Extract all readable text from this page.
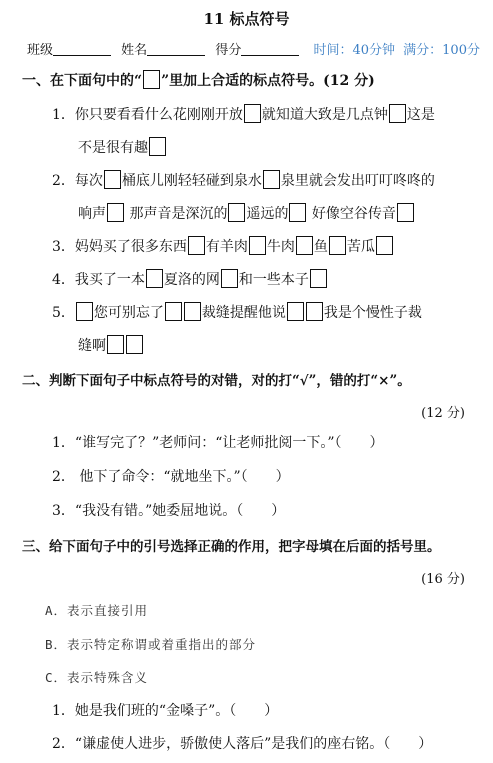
11 标点符号
班级	姓名	得分	时间：40分钟 满分：100分
一、在下面句中的“ ”里加上合适的标点符号。(12 分)
1．你只要看看什么花刚刚开放 就知道大致是几点钟 这是
不是很有趣
2．每次 桶底儿刚轻轻碰到泉水 泉里就会发出叮叮咚咚的
响声 那声音是深沉的 遥远的 好像空谷传音
3．妈妈买了很多东西 有羊肉 牛肉 鱼 苦瓜
4．我买了一本 夏洛的网 和一些本子
5． 您可别忘了	裁缝提醒他说	我是个慢性子裁
缝啊
二、判断下面句子中标点符号的对错，对的打“√”，错的打“×”。
(12 分)
1．“谁写完了？”老师问：“让老师批阅一下。”（ ）
2． 他下了命令：“就地坐下。”（ ）
3．“我没有错。”她委屈地说。（ ）
三、给下面句子中的引号选择正确的作用，把字母填在后面的括号里。
(16 分)
A．表示直接引用
B．表示特定称谓或着重指出的部分
C．表示特殊含义
1．她是我们班的“金嗓子”。（ ）
2．“谦虚使人进步，骄傲使人落后”是我们的座右铭。（ ）
